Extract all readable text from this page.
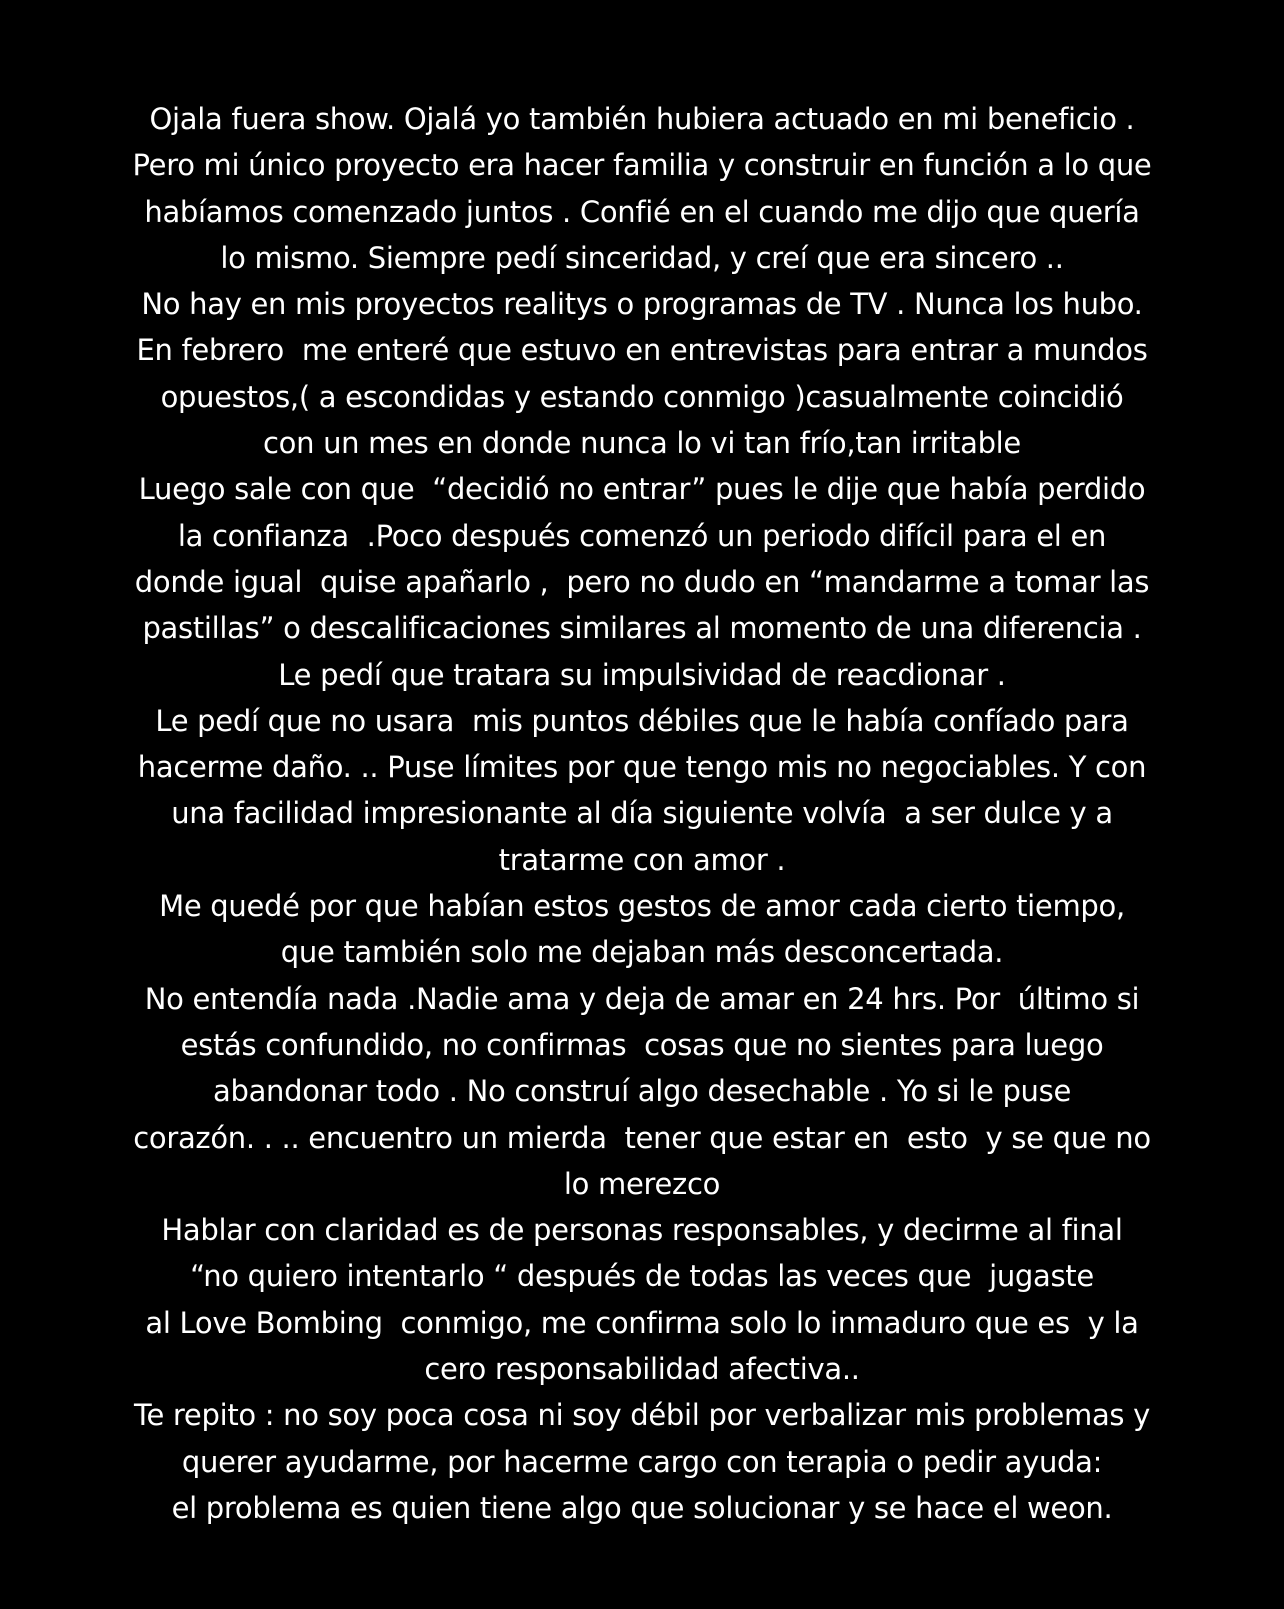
Ojala fuera show. Ojalá yo también hubiera actuado en mi beneficio .
Pero mi único proyecto era hacer familia y construir en función a lo que
habíamos comenzado juntos . Confié en el cuando me dijo que quería
lo mismo. Siempre pedí sinceridad, y creí que era sincero ..
No hay en mis proyectos realitys o programas de TV . Nunca los hubo.
En febrero  me enteré que estuvo en entrevistas para entrar a mundos
opuestos,( a escondidas y estando conmigo )casualmente coincidió
con un mes en donde nunca lo vi tan frío,tan irritable
Luego sale con que  “decidió no entrar” pues le dije que había perdido
la confianza  .Poco después comenzó un periodo difícil para el en
donde igual  quise apañarlo ,  pero no dudo en “mandarme a tomar las
pastillas” o descalificaciones similares al momento de una diferencia .
Le pedí que tratara su impulsividad de reacdionar .
Le pedí que no usara  mis puntos débiles que le había confíado para
hacerme daño. .. Puse límites por que tengo mis no negociables. Y con
una facilidad impresionante al día siguiente volvía  a ser dulce y a
tratarme con amor .
Me quedé por que habían estos gestos de amor cada cierto tiempo,
que también solo me dejaban más desconcertada.
No entendía nada .Nadie ama y deja de amar en 24 hrs. Por  último si
estás confundido, no confirmas  cosas que no sientes para luego
abandonar todo . No construí algo desechable . Yo si le puse
corazón. . .. encuentro un mierda  tener que estar en  esto  y se que no
lo merezco
Hablar con claridad es de personas responsables, y decirme al final
“no quiero intentarlo “ después de todas las veces que  jugaste
al Love Bombing  conmigo, me confirma solo lo inmaduro que es  y la
cero responsabilidad afectiva..
Te repito : no soy poca cosa ni soy débil por verbalizar mis problemas y
querer ayudarme, por hacerme cargo con terapia o pedir ayuda:
el problema es quien tiene algo que solucionar y se hace el weon.
